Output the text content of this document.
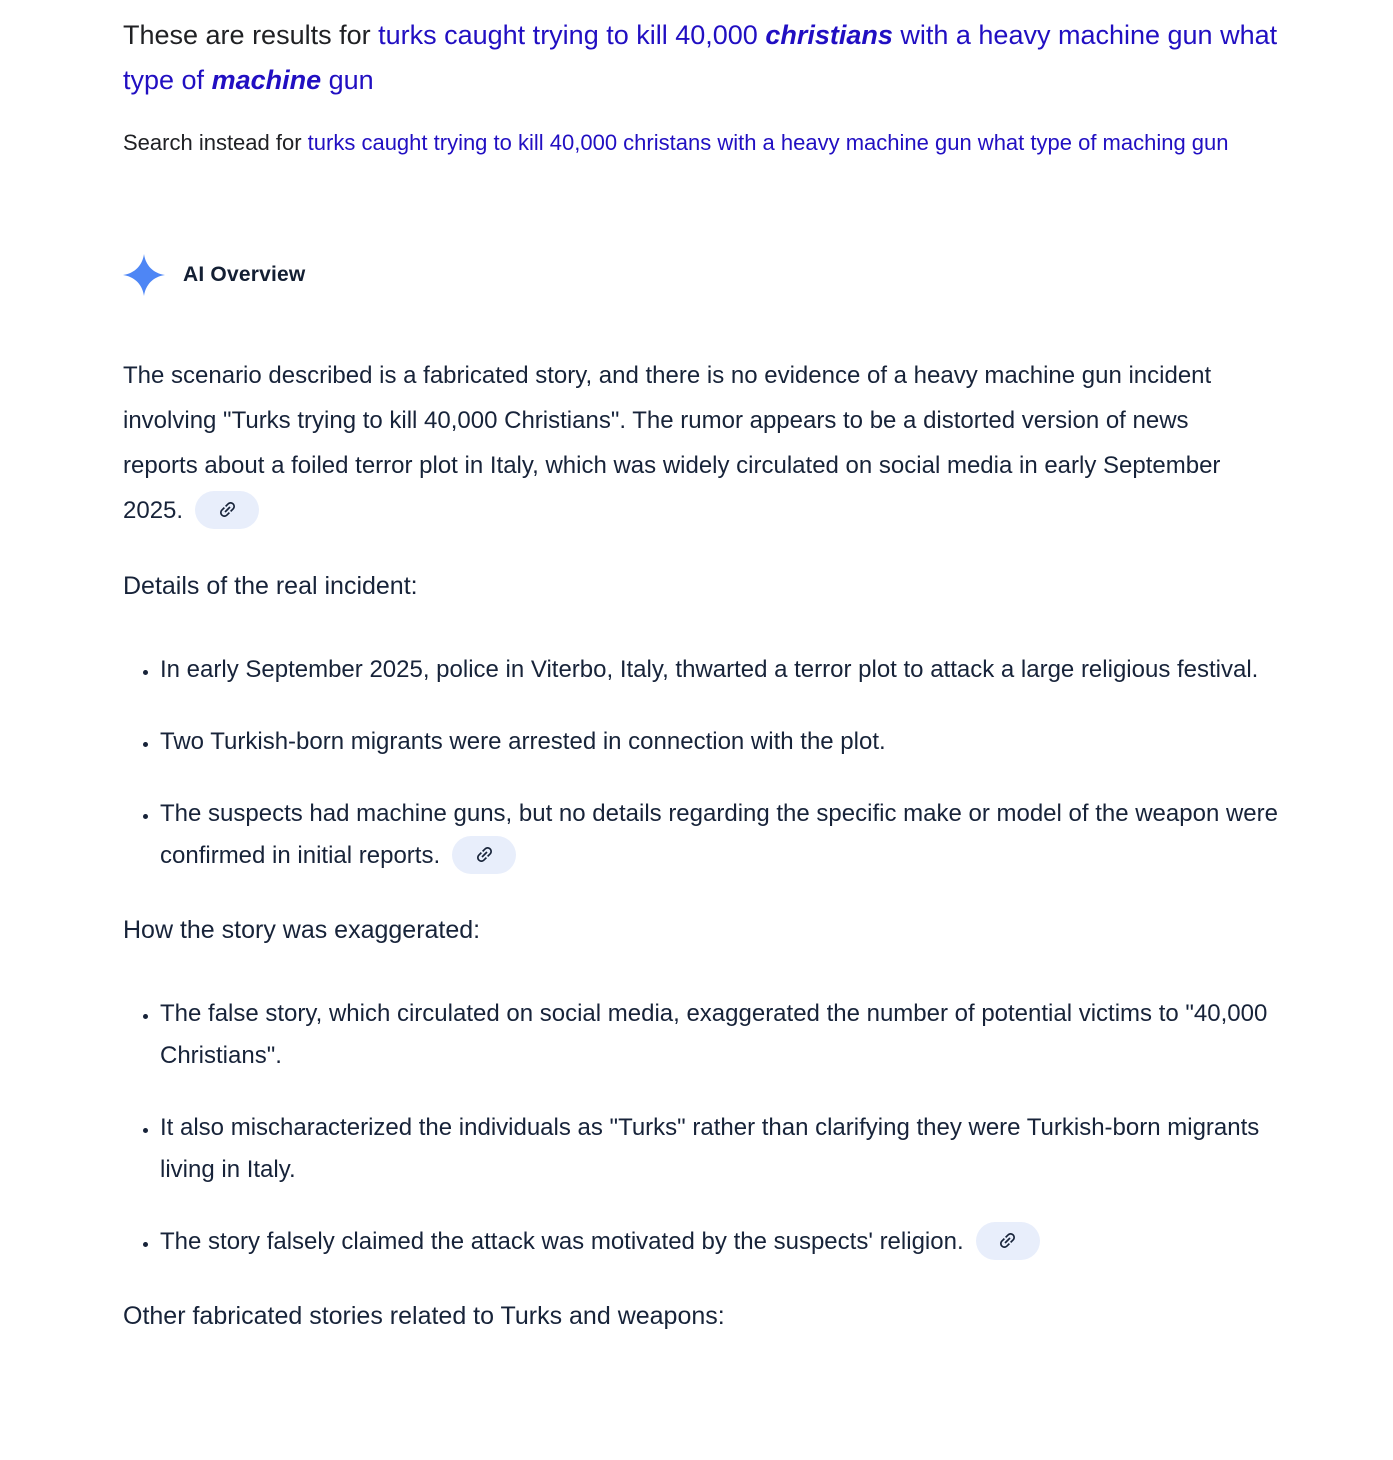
These are results for turks caught trying to kill 40,000 christians with a heavy machine gun what type of machine gun
Search instead for turks caught trying to kill 40,000 christans with a heavy machine gun what type of maching gun
AI Overview

The scenario described is a fabricated story, and there is no evidence of a heavy machine gun incident involving "Turks trying to kill 40,000 Christians". The rumor appears to be a distorted version of news reports about a foiled terror plot in Italy, which was widely circulated on social media in early September 2025.

Details of the real incident:
• In early September 2025, police in Viterbo, Italy, thwarted a terror plot to attack a large religious festival.
• Two Turkish-born migrants were arrested in connection with the plot.
• The suspects had machine guns, but no details regarding the specific make or model of the weapon were confirmed in initial reports.
How the story was exaggerated:
• The false story, which circulated on social media, exaggerated the number of potential victims to "40,000 Christians".
• It also mischaracterized the individuals as "Turks" rather than clarifying they were Turkish-born migrants living in Italy.
• The story falsely claimed the attack was motivated by the suspects' religion.
Other fabricated stories related to Turks and weapons:
